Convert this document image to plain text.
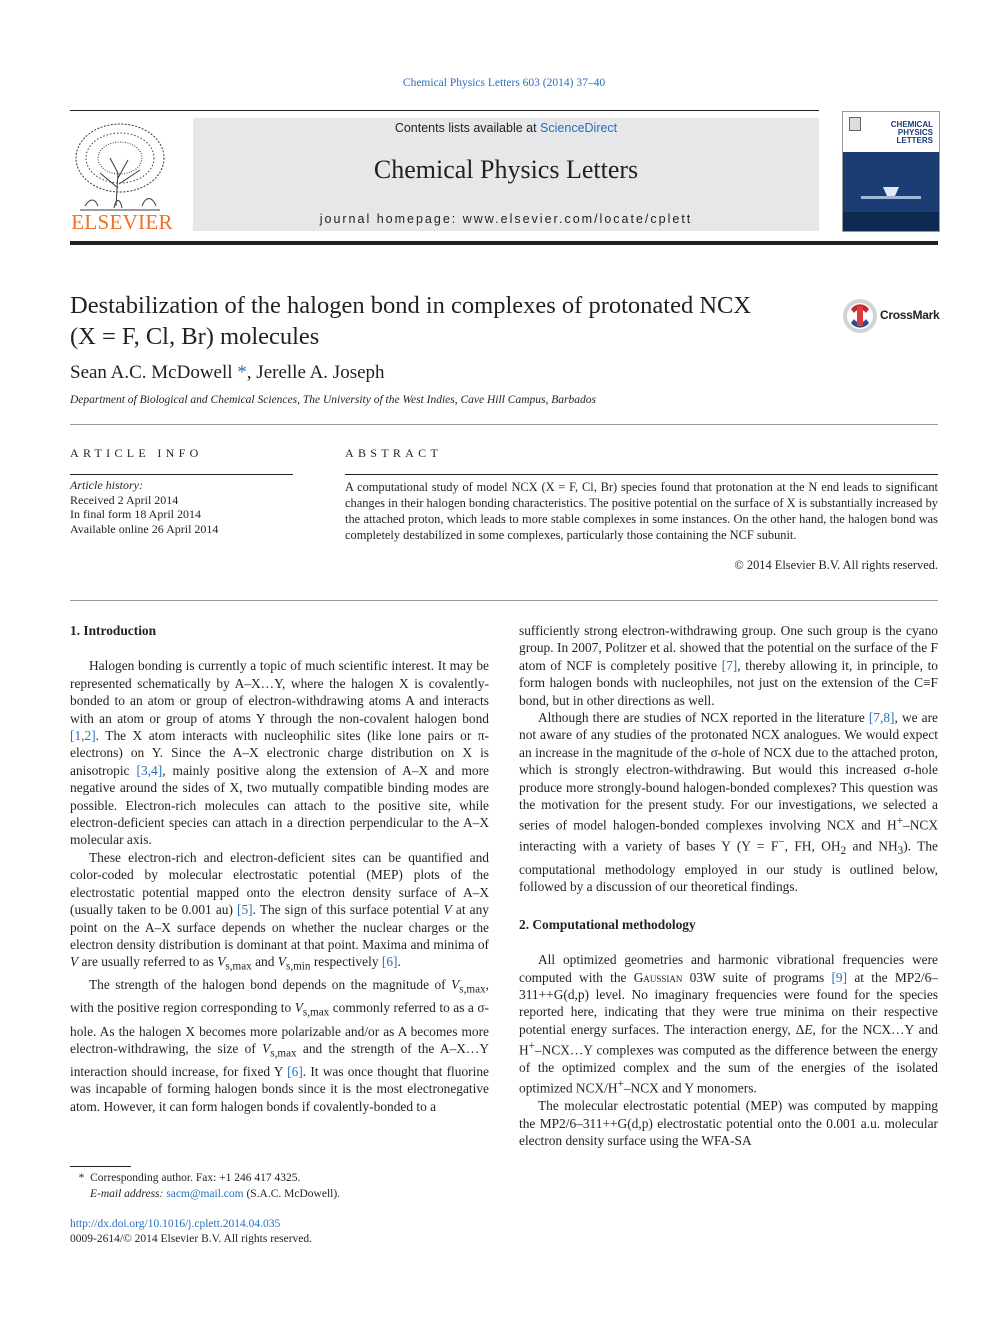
Chemical Physics Letters 603 (2014) 37–40
ELSEVIER
Contents lists available at ScienceDirect
Chemical Physics Letters
journal homepage: www.elsevier.com/locate/cplett
CHEMICAL PHYSICS LETTERS
Destabilization of the halogen bond in complexes of protonated NCX
(X = F, Cl, Br) molecules
CrossMark
Sean A.C. McDowell *, Jerelle A. Joseph
Department of Biological and Chemical Sciences, The University of the West Indies, Cave Hill Campus, Barbados
ARTICLE INFO
Article history:
Received 2 April 2014
In final form 18 April 2014
Available online 26 April 2014
ABSTRACT
A computational study of model NCX (X = F, Cl, Br) species found that protonation at the N end leads to significant changes in their halogen bonding characteristics. The positive potential on the surface of X is substantially increased by the attached proton, which leads to more stable complexes in some instances. On the other hand, the halogen bond was completely destabilized in some complexes, particularly those containing the NCF subunit.
© 2014 Elsevier B.V. All rights reserved.
1. Introduction

Halogen bonding is currently a topic of much scientific interest. It may be represented schematically by A–X…Y, where the halogen X is covalently-bonded to an atom or group of electron-withdrawing atoms A and interacts with an atom or group of atoms Y through the non-covalent halogen bond [1,2]. The X atom interacts with nucleophilic sites (like lone pairs or π-electrons) on Y. Since the A–X electronic charge distribution on X is anisotropic [3,4], mainly positive along the extension of A–X and more negative around the sides of X, two mutually compatible binding modes are possible. Electron-rich molecules can attach to the positive site, while electron-deficient species can attach in a direction perpendicular to the A–X molecular axis.

These electron-rich and electron-deficient sites can be quantified and color-coded by molecular electrostatic potential (MEP) plots of the electrostatic potential mapped onto the electron density surface of A–X (usually taken to be 0.001 au) [5]. The sign of this surface potential V at any point on the A–X surface depends on whether the nuclear charges or the electron density distribution is dominant at that point. Maxima and minima of V are usually referred to as $V_{s,max}$ and $V_{s,min}$ respectively [6].

The strength of the halogen bond depends on the magnitude of $V_{s,max}$, with the positive region corresponding to $V_{s,max}$ commonly referred to as a σ-hole. As the halogen X becomes more polarizable and/or as A becomes more electron-withdrawing, the size of $V_{s,max}$ and the strength of the A–X…Y interaction should increase, for fixed Y [6]. It was once thought that fluorine was incapable of forming halogen bonds since it is the most electronegative atom. However, it can form halogen bonds if covalently-bonded to a

sufficiently strong electron-withdrawing group. One such group is the cyano group. In 2007, Politzer et al. showed that the potential on the surface of the F atom of NCF is completely positive [7], thereby allowing it, in principle, to form halogen bonds with nucleophiles, not just on the extension of the C≡F bond, but in other directions as well.

Although there are studies of NCX reported in the literature [7,8], we are not aware of any studies of the protonated NCX analogues. We would expect an increase in the magnitude of the σ-hole of NCX due to the attached proton, which is strongly electron-withdrawing. But would this increased σ-hole produce more strongly-bound halogen-bonded complexes? This question was the motivation for the present study. For our investigations, we selected a series of model halogen-bonded complexes involving NCX and H+–NCX interacting with a variety of bases Y (Y = F−, FH, $OH_2$ and $NH_3$). The computational methodology employed in our study is outlined below, followed by a discussion of our theoretical findings.

2. Computational methodology

All optimized geometries and harmonic vibrational frequencies were computed with the Gaussian 03W suite of programs [9] at the MP2/6–311++G(d,p) level. No imaginary frequencies were found for the species reported here, indicating that they were true minima on their respective potential energy surfaces. The interaction energy, ΔE, for the NCX…Y and H+–NCX…Y complexes was computed as the difference between the energy of the optimized complex and the sum of the energies of the isolated optimized NCX/H+–NCX and Y monomers.

The molecular electrostatic potential (MEP) was computed by mapping the MP2/6–311++G(d,p) electrostatic potential onto the 0.001 a.u. molecular electron density surface using the WFA-SA

* Corresponding author. Fax: +1 246 417 4325.
E-mail address: sacm@mail.com (S.A.C. McDowell).
http://dx.doi.org/10.1016/j.cplett.2014.04.035
0009-2614/© 2014 Elsevier B.V. All rights reserved.
